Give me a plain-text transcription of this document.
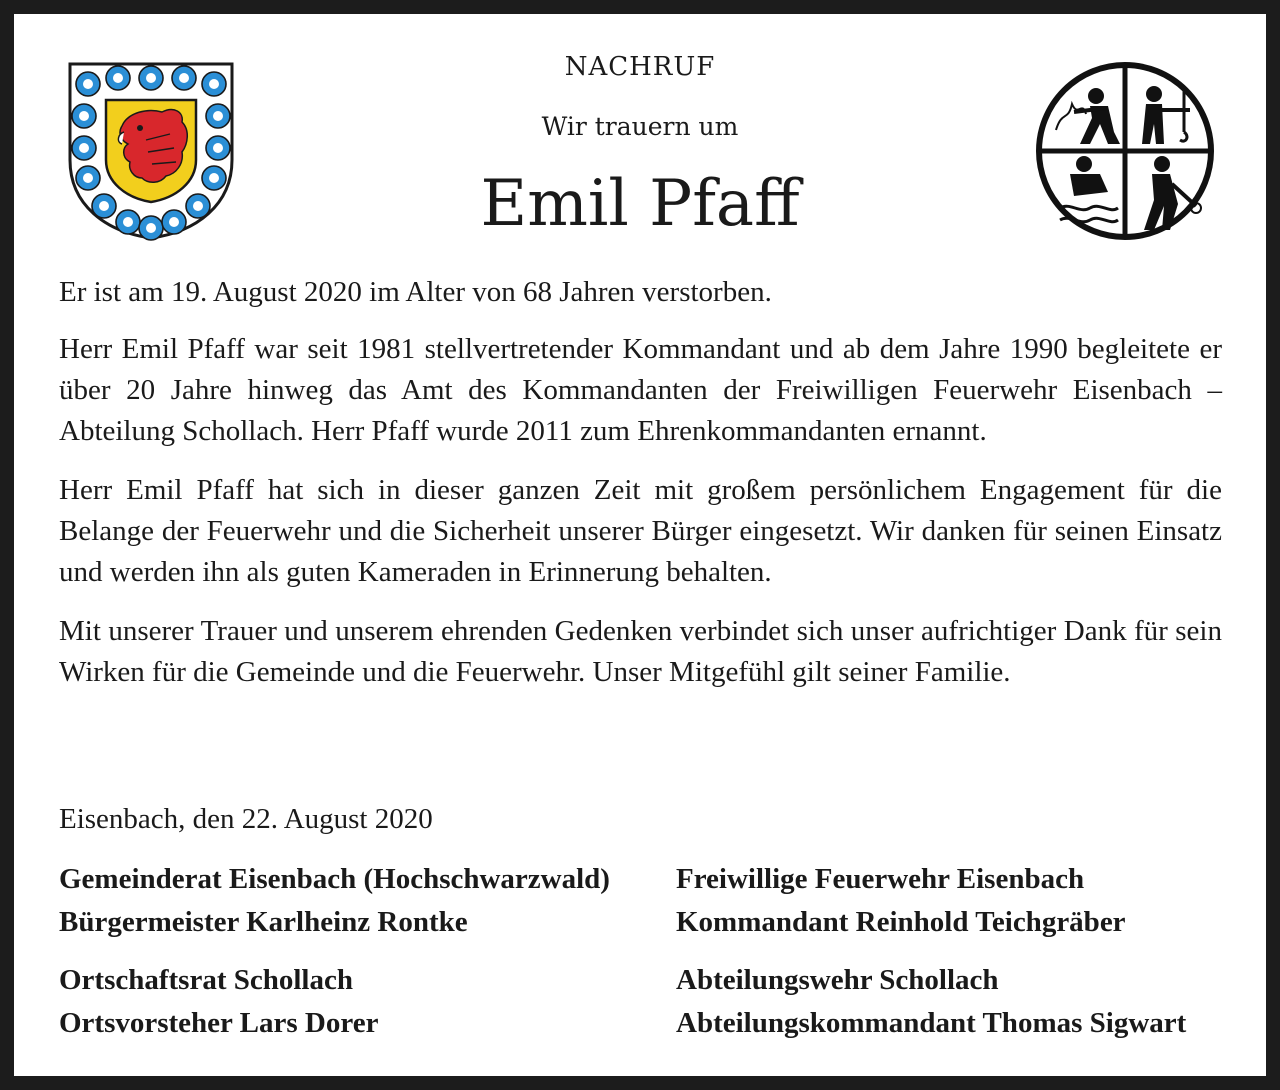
NACHRUF
Wir trauern um
Emil Pfaff

Er ist am 19. August 2020 im Alter von 68 Jahren verstorben.

Herr Emil Pfaff war seit 1981 stellvertretender Kommandant und ab dem Jahre 1990 begleitete er über 20 Jahre hinweg das Amt des Kommandanten der Freiwilligen Feuerwehr Eisenbach – Abteilung Schollach. Herr Pfaff wurde 2011 zum Ehrenkommandanten ernannt.

Herr Emil Pfaff hat sich in dieser ganzen Zeit mit großem persönlichem Engagement für die Belange der Feuerwehr und die Sicherheit unserer Bürger eingesetzt. Wir danken für seinen Einsatz und werden ihn als guten Kameraden in Erinnerung behalten.

Mit unserer Trauer und unserem ehrenden Gedenken verbindet sich unser aufrichtiger Dank für sein Wirken für die Gemeinde und die Feuerwehr. Unser Mitgefühl gilt seiner Familie.

Eisenbach, den 22. August 2020
Gemeinderat Eisenbach (Hochschwarzwald)
Bürgermeister Karlheinz Rontke
Ortschaftsrat Schollach
Ortsvorsteher Lars Dorer
Freiwillige Feuerwehr Eisenbach
Kommandant Reinhold Teichgräber
Abteilungswehr Schollach
Abteilungskommandant Thomas Sigwart
